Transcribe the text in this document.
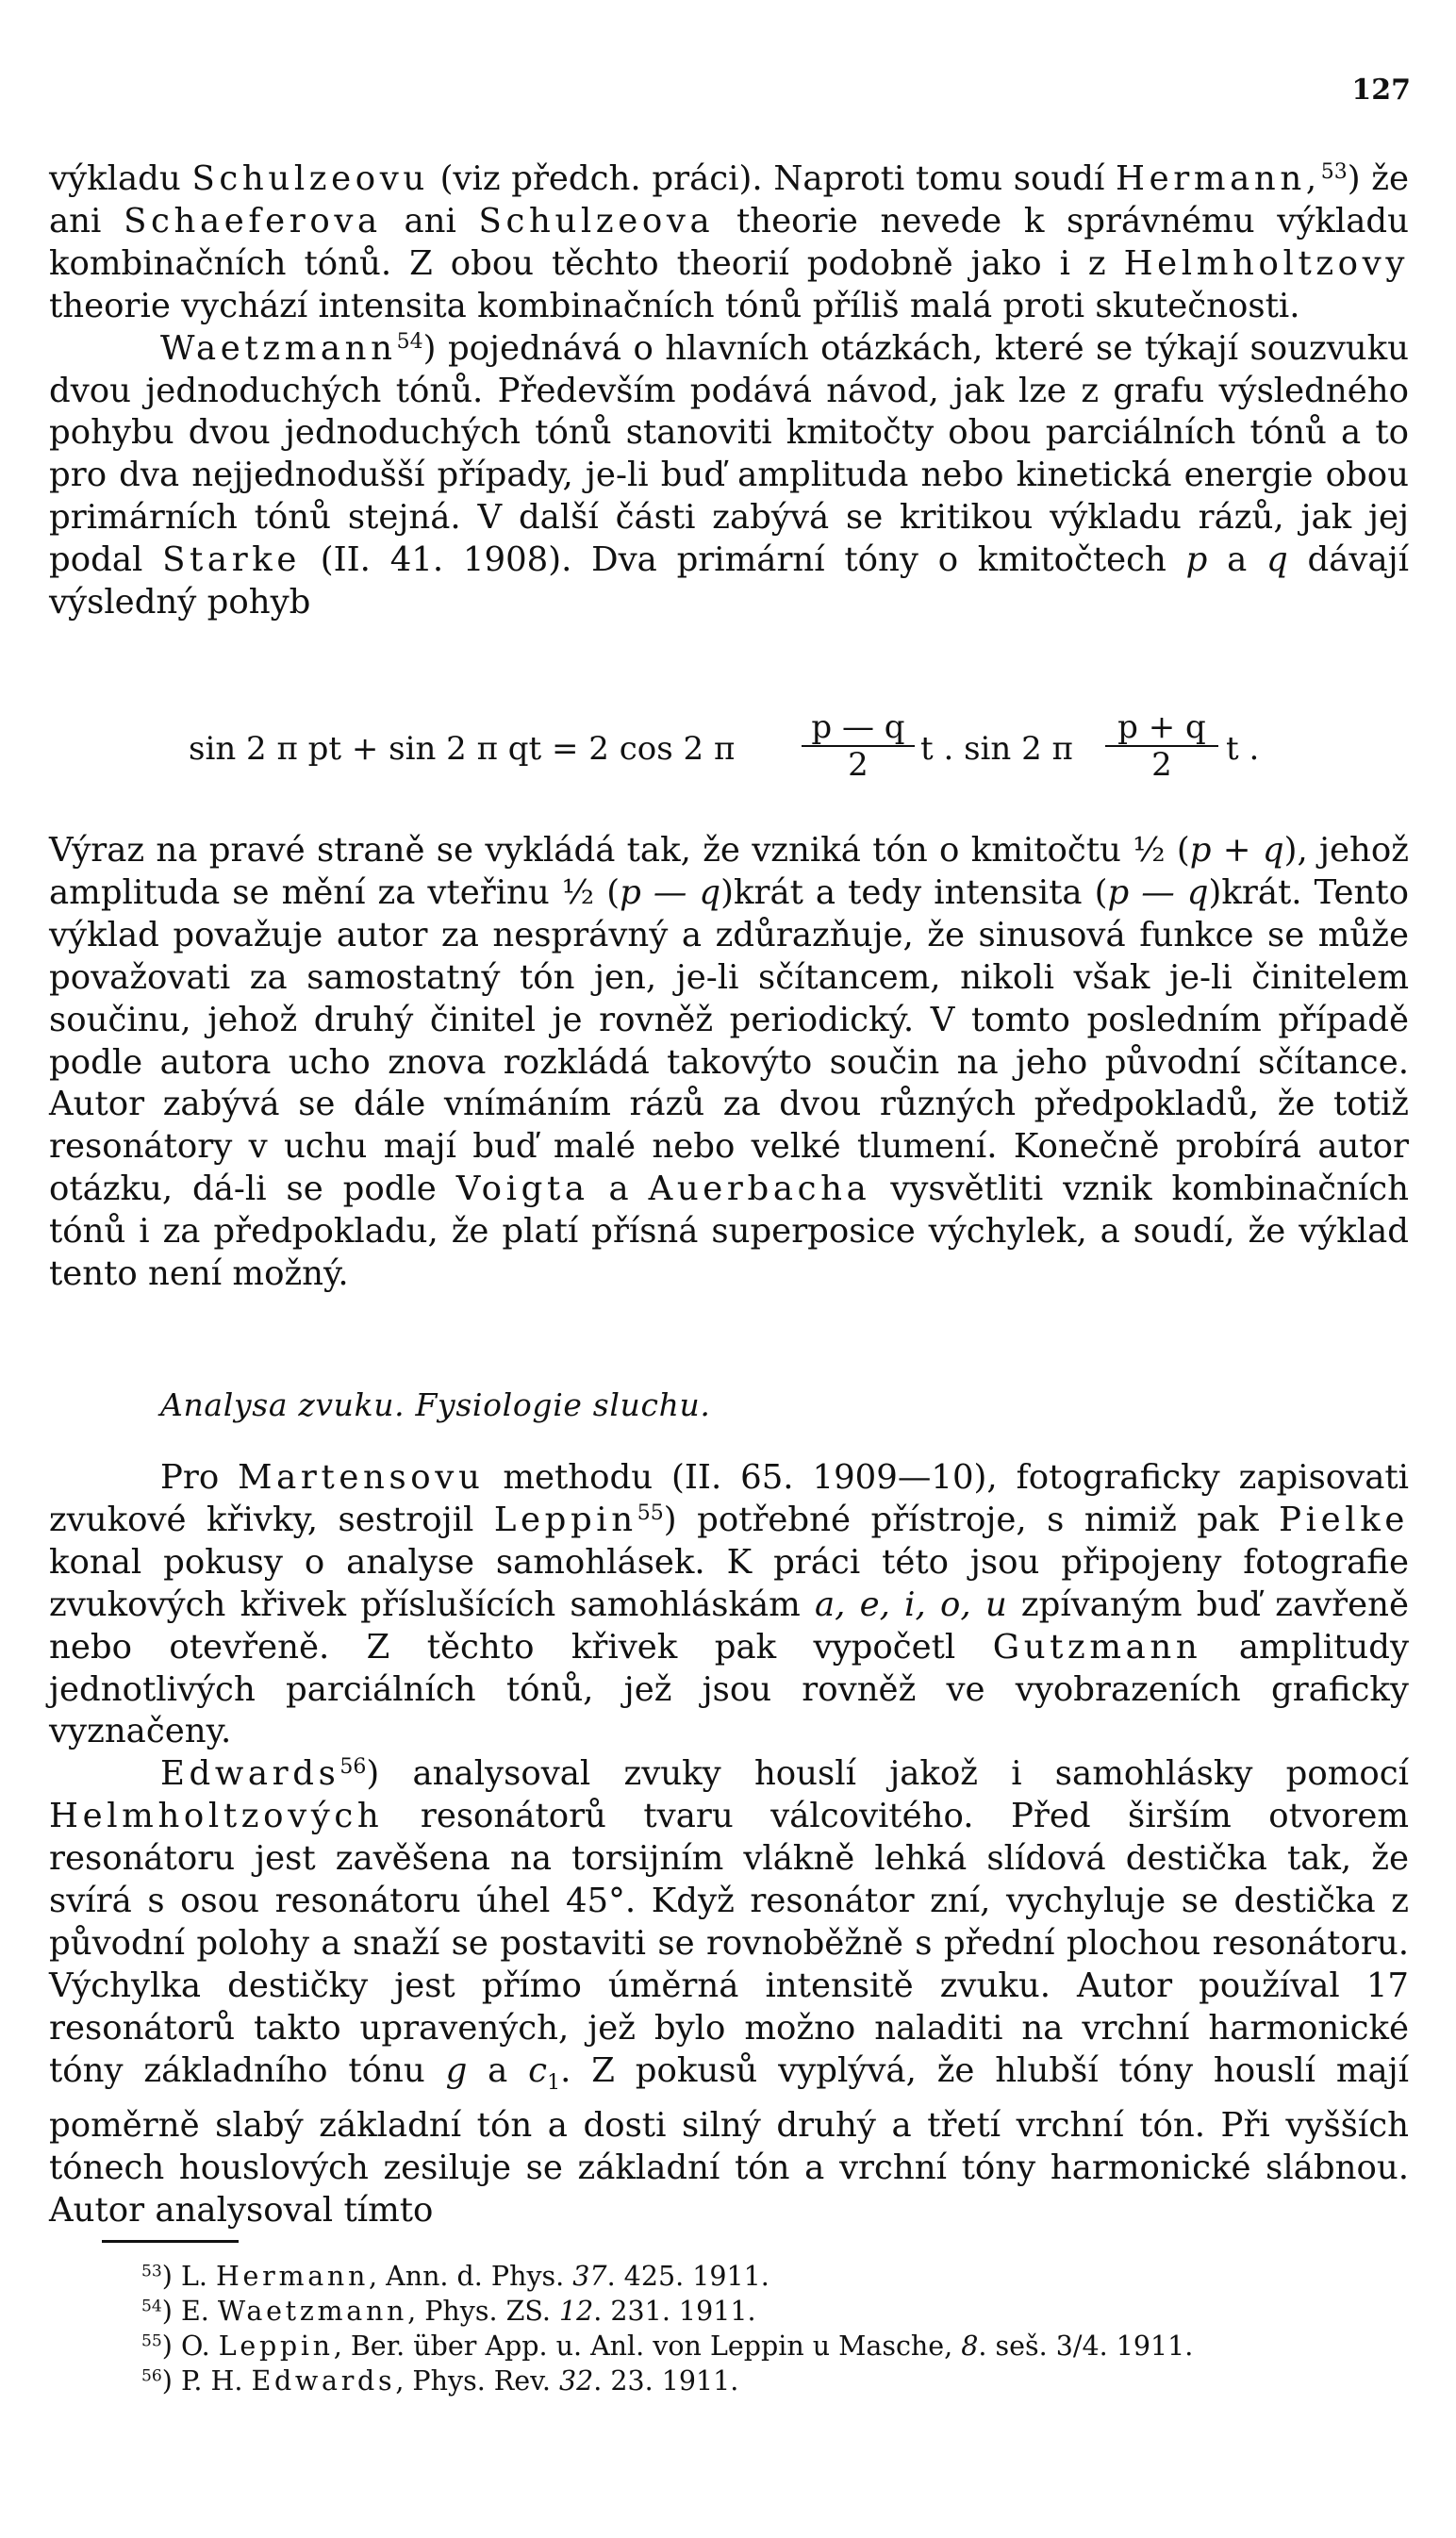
127

výkladu Schulzeovu (viz předch. práci). Naproti tomu soudí Hermann,$^{53}$) že ani Schaeferova ani Schulzeova theorie nevede k správnému výkladu kombinačních tónů. Z obou těchto theorií podobně jako i z Helmholtzovy theorie vychází intensita kombinačních tónů příliš malá proti skutečnosti.

Waetzmann$^{54}$) pojednává o hlavních otázkách, které se týkají souzvuku dvou jednoduchých tónů. Především podává návod, jak lze z grafu výsledného pohybu dvou jednoduchých tónů stanoviti kmitočty obou parciálních tónů a to pro dva nejjednodušší případy, je-li buď amplituda nebo kinetická energie obou primárních tónů stejná. V další části zabývá se kritikou výkladu rázů, jak jej podal Starke (II. 41. 1908). Dva primární tóny o kmitočtech p a q dávají výsledný pohyb

sin 2 π pt + sin 2 π qt = 2 cos 2 π $\frac{p — q}{2}$ t . sin 2 π $\frac{p + q}{2}$ t .

Výraz na pravé straně se vykládá tak, že vzniká tón o kmitočtu ½ (p + q), jehož amplituda se mění za vteřinu ½ (p — q)krát a tedy intensita (p — q)krát. Tento výklad považuje autor za nesprávný a zdůrazňuje, že sinusová funkce se může považovati za samostatný tón jen, je-li sčítancem, nikoli však je-li činitelem součinu, jehož druhý činitel je rovněž periodický. V tomto posledním případě podle autora ucho znova rozkládá takovýto součin na jeho původní sčítance. Autor zabývá se dále vnímáním rázů za dvou různých předpokladů, že totiž resonátory v uchu mají buď malé nebo velké tlumení. Konečně probírá autor otázku, dá-li se podle Voigta a Auerbacha vysvětliti vznik kombinačních tónů i za předpokladu, že platí přísná superposice výchylek, a soudí, že výklad tento není možný.

Analysa zvuku. Fysiologie sluchu.

Pro Martensovu methodu (II. 65. 1909—10), fotograficky zapisovati zvukové křivky, sestrojil Leppin$^{55}$) potřebné přístroje, s nimiž pak Pielke konal pokusy o analyse samohlásek. K práci této jsou připojeny fotografie zvukových křivek příslušících samohláskám a, e, i, o, u zpívaným buď zavřeně nebo otevřeně. Z těchto křivek pak vypočetl Gutzmann amplitudy jednotlivých parciálních tónů, jež jsou rovněž ve vyobrazeních graficky vyznačeny.

Edwards$^{56}$) analysoval zvuky houslí jakož i samohlásky pomocí Helmholtzových resonátorů tvaru válcovitého. Před širším otvorem resonátoru jest zavěšena na torsijním vlákně lehká slídová destička tak, že svírá s osou resonátoru úhel 45°. Když resonátor zní, vychyluje se destička z původní polohy a snaží se postaviti se rovnoběžně s přední plochou resonátoru. Výchylka destičky jest přímo úměrná intensitě zvuku. Autor používal 17 resonátorů takto upravených, jež bylo možno naladiti na vrchní harmonické tóny základního tónu g a $c_1$. Z pokusů vyplývá, že hlubší tóny houslí mají poměrně slabý základní tón a dosti silný druhý a třetí vrchní tón. Při vyšších tónech houslových zesiluje se základní tón a vrchní tóny harmonické slábnou. Autor analysoval tímto

$^{53}$) L. Hermann, Ann. d. Phys. 37. 425. 1911.

$^{54}$) E. Waetzmann, Phys. ZS. 12. 231. 1911.

$^{55}$) O. Leppin, Ber. über App. u. Anl. von Leppin u Masche, 8. seš. 3/4. 1911.

$^{56}$) P. H. Edwards, Phys. Rev. 32. 23. 1911.
